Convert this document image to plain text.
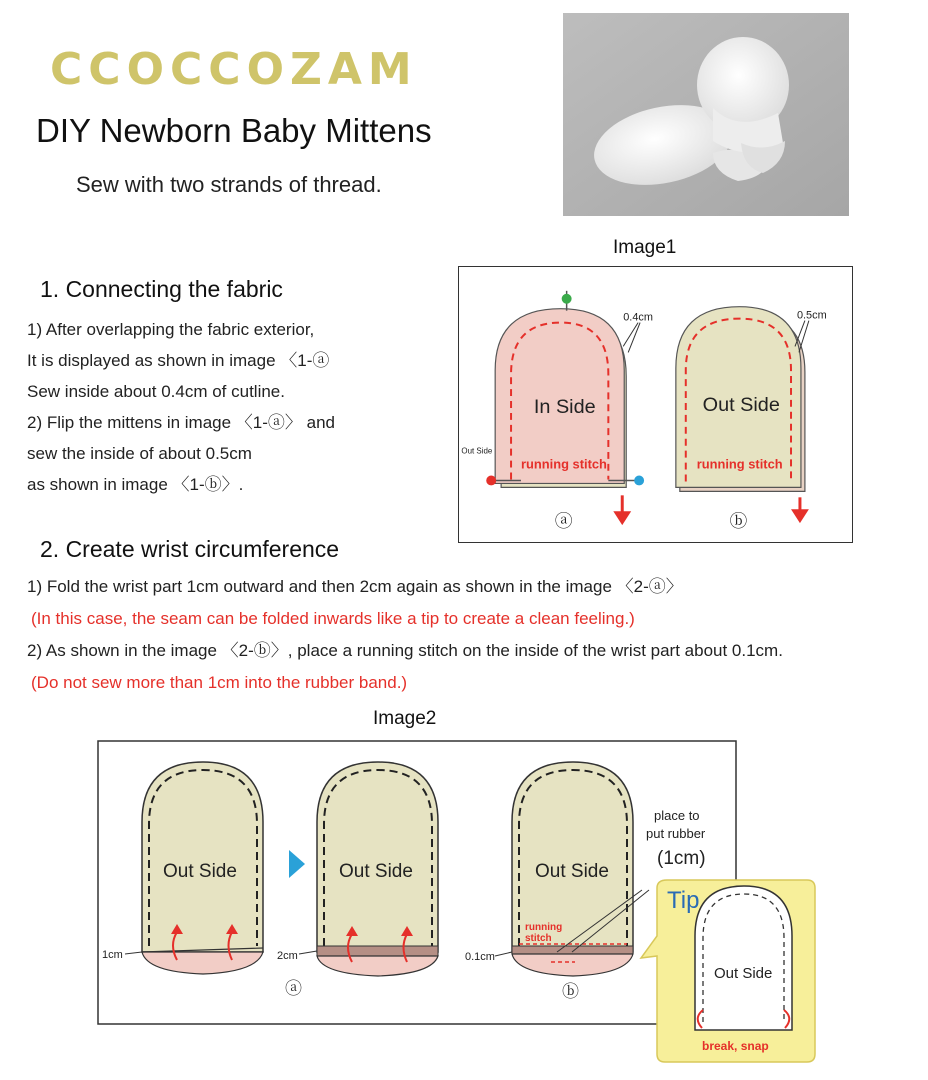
CCOCCOZAM
DIY Newborn Baby Mittens
Sew with two strands of thread.
1. Connecting the fabric
1) After overlapping the fabric exterior,
It is displayed as shown in image 〈1-ⓐ
Sew inside about 0.4cm of cutline.
2) Flip the mittens in image 〈1-ⓐ〉 and
sew the inside of about 0.5cm
as shown in image 〈1-ⓑ〉.
Image1
0.4cm
In Side
running stitch
Out Side
ⓐ
0.5cm
Out Side
running stitch
ⓑ
2. Create wrist circumference
1) Fold the wrist part 1cm outward and then 2cm again as shown in the image 〈2-ⓐ〉
(In this case, the seam can be folded inwards like a tip to create a clean feeling.)
2) As shown in the image 〈2-ⓑ〉, place a running stitch on the inside of the wrist part about 0.1cm.
(Do not sew more than 1cm into the rubber band.)
Image2
Out Side
1cm
Out Side
2cm
ⓐ
Out Side
running
stitch
0.1cm
place to
put rubber
(1cm)
ⓑ
Tip
Out Side
break, snap
